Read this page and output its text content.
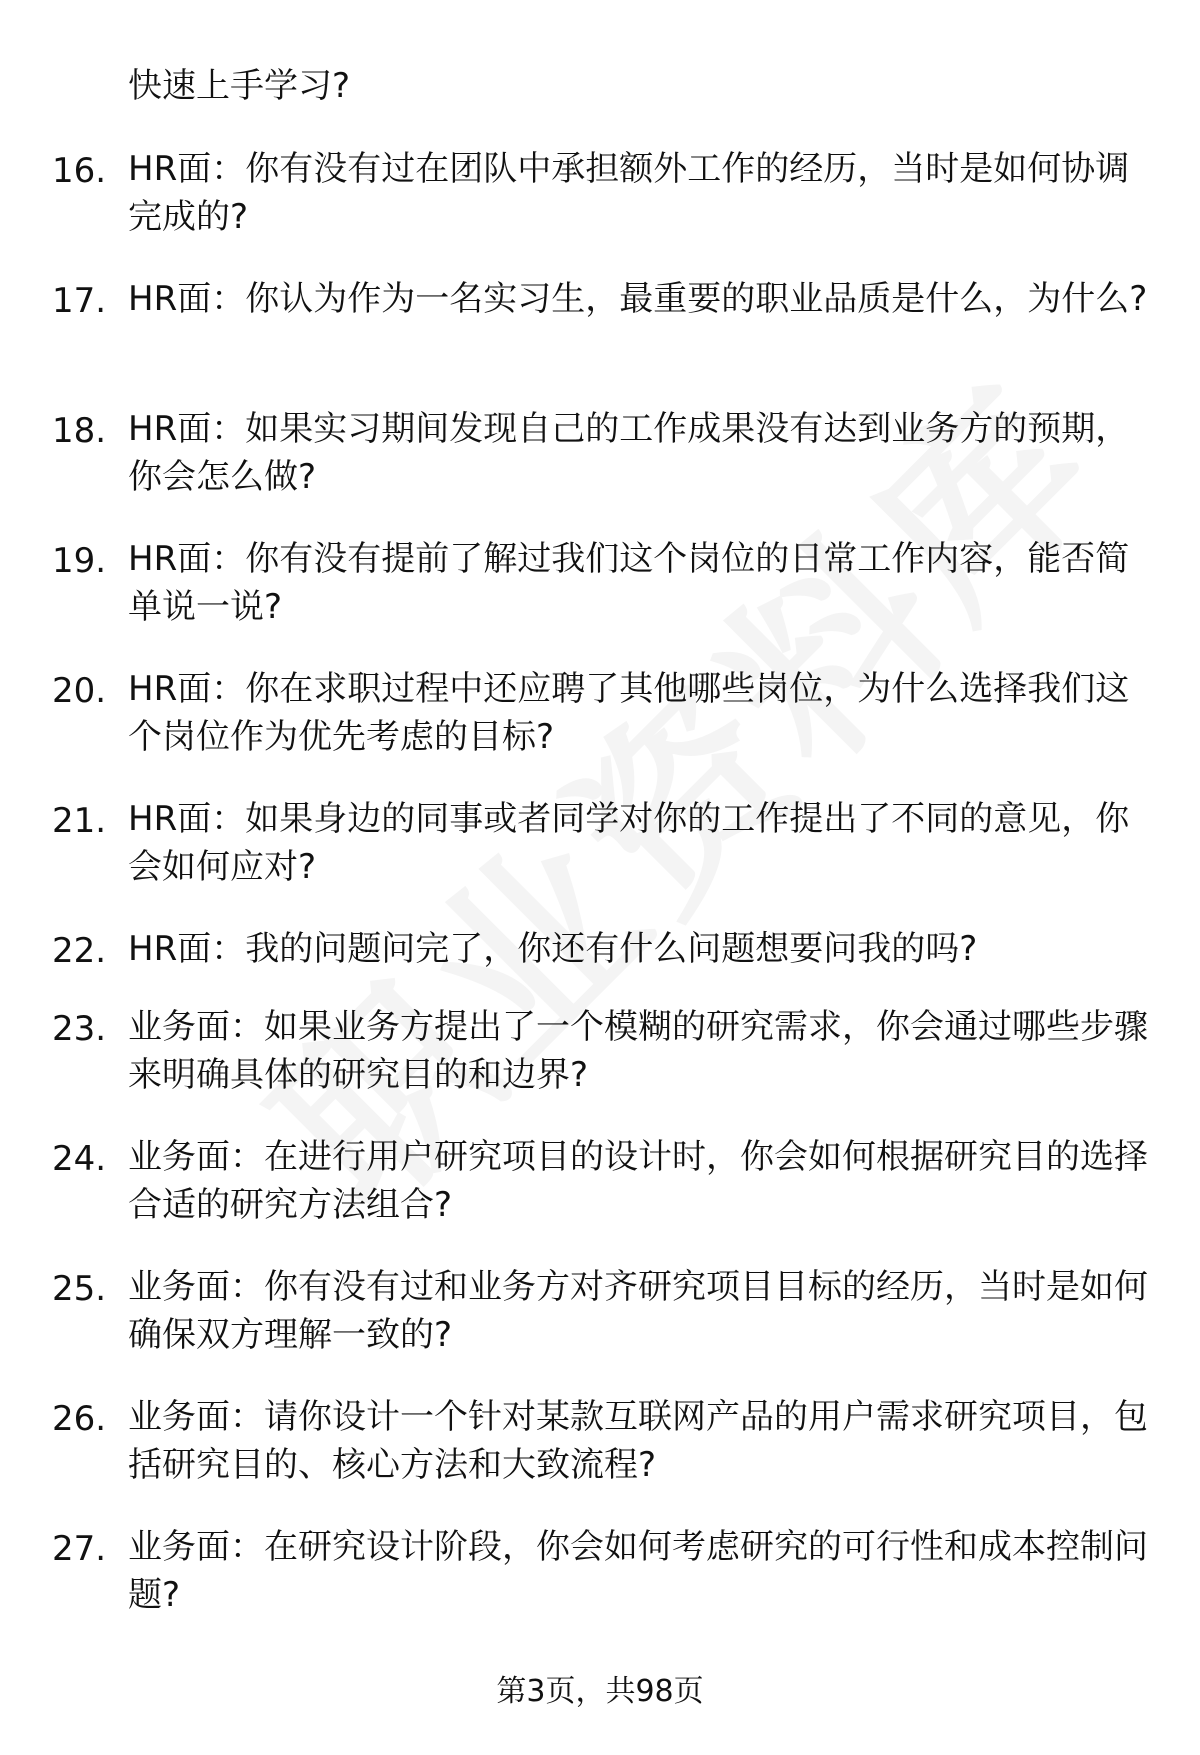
快速上手学习?
16. HR面：你有没有过在团队中承担额外工作的经历，当时是如何协调完成的?
17. HR面：你认为作为一名实习生，最重要的职业品质是什么，为什么?
18. HR面：如果实习期间发现自己的工作成果没有达到业务方的预期，你会怎么做?
19. HR面：你有没有提前了解过我们这个岗位的日常工作内容，能否简单说一说?
20. HR面：你在求职过程中还应聘了其他哪些岗位，为什么选择我们这个岗位作为优先考虑的目标?
21. HR面：如果身边的同事或者同学对你的工作提出了不同的意见，你会如何应对?
22. HR面：我的问题问完了，你还有什么问题想要问我的吗?
23. 业务面：如果业务方提出了一个模糊的研究需求，你会通过哪些步骤来明确具体的研究目的和边界?
24. 业务面：在进行用户研究项目的设计时，你会如何根据研究目的选择合适的研究方法组合?
25. 业务面：你有没有过和业务方对齐研究项目目标的经历，当时是如何确保双方理解一致的?
26. 业务面：请你设计一个针对某款互联网产品的用户需求研究项目，包括研究目的、核心方法和大致流程?
27. 业务面：在研究设计阶段，你会如何考虑研究的可行性和成本控制问题?
第3页，共98页
